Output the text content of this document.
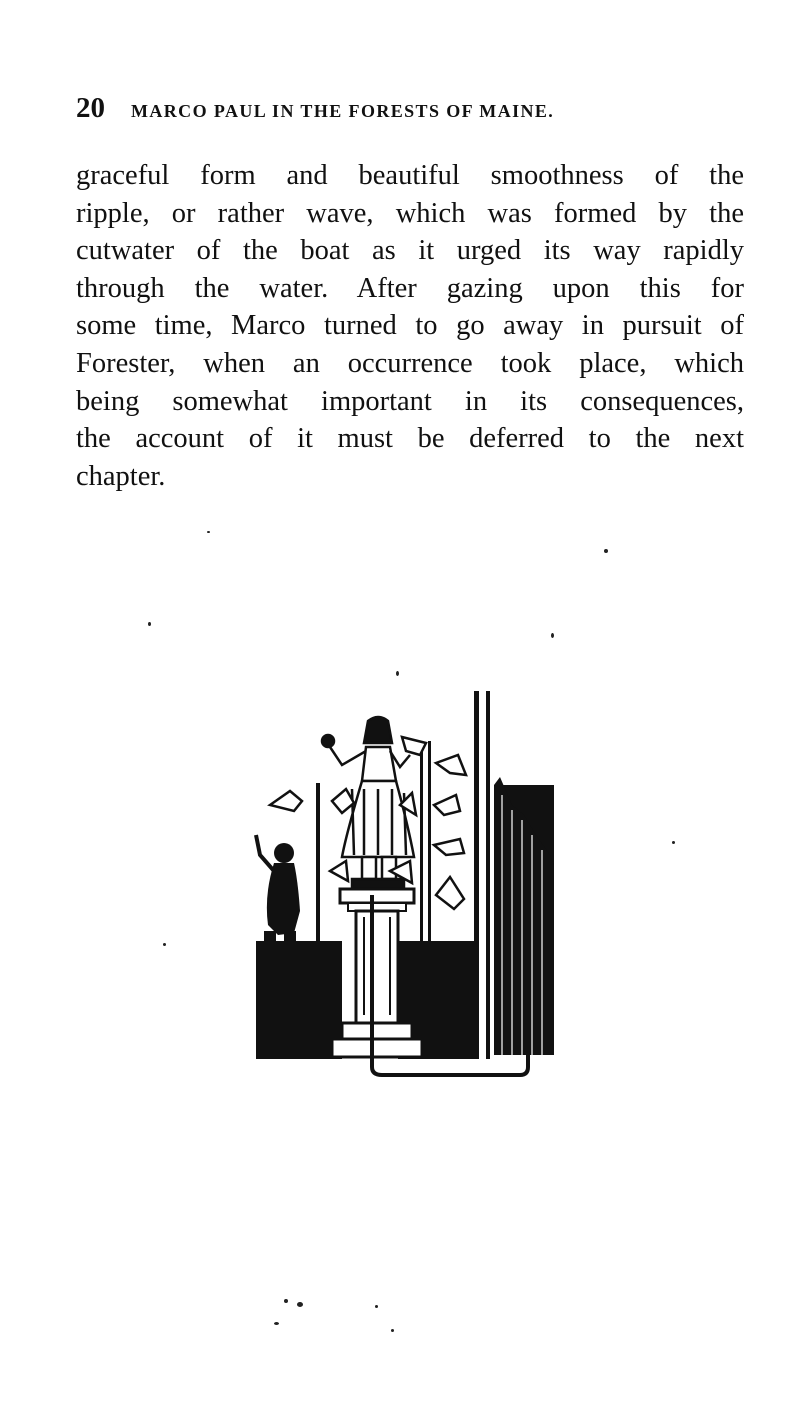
20 MARCO PAUL IN THE FORESTS OF MAINE.
graceful form and beautiful smoothness of the
ripple, or rather wave, which was formed by the
cutwater of the boat as it urged its way rapidly
through the water. After gazing upon this for
some time, Marco turned to go away in pursuit of
Forester, when an occurrence took place, which
being somewhat important in its consequences,
the account of it must be deferred to the next
chapter.
